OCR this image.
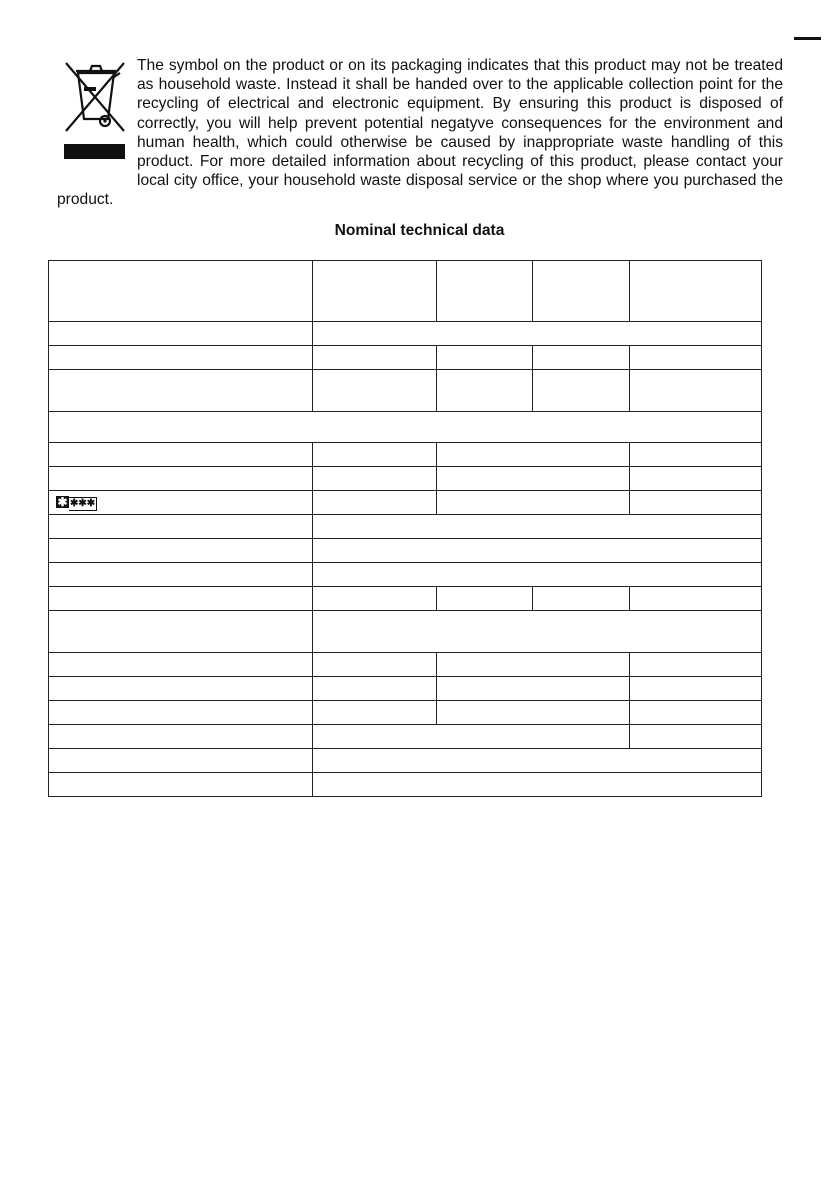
The symbol on the product or on its packaging indicates that this product may not be treated as household waste. Instead it shall be handed over to the applicable collection point for the recycling of electrical and electronic equipment. By ensuring this product is disposed of correctly, you will help prevent potential negatyve consequences for the environment and human health, which could otherwise be caused by inappropriate waste handling of this product. For more detailed information about recycling of this product, please contact your local city office, your household waste disposal service or the shop where you purchased the product.

Nominal technical data

✱ ✱✱✱				
